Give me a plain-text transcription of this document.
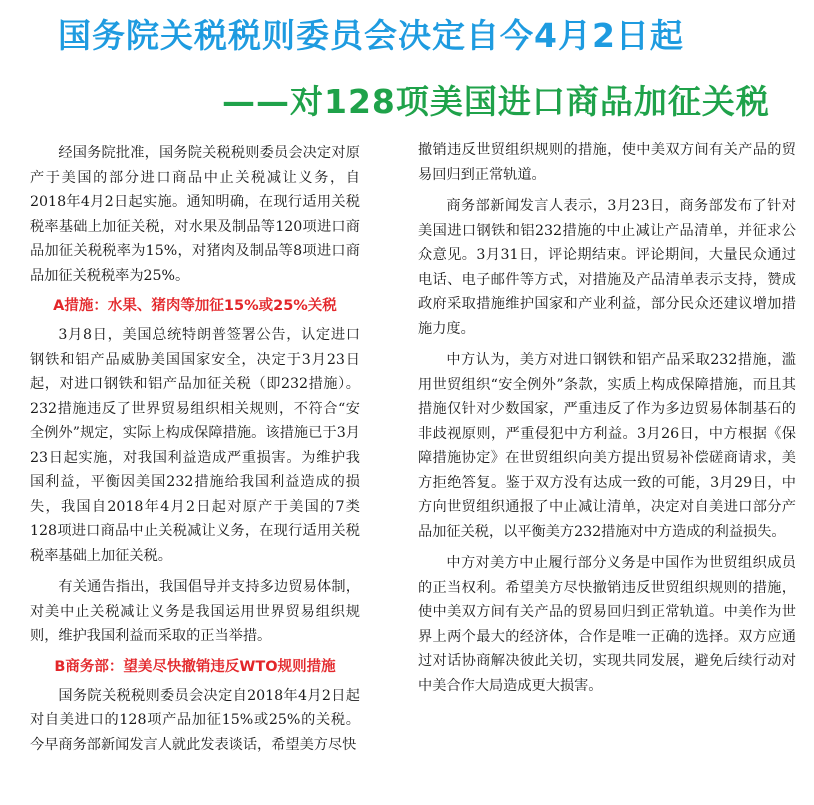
国务院关税税则委员会决定自今4月2日起
——对128项美国进口商品加征关税

经国务院批准，国务院关税税则委员会决定对原产于美国的部分进口商品中止关税减让义务，自2018年4月2日起实施。通知明确，在现行适用关税税率基础上加征关税，对水果及制品等120项进口商品加征关税税率为15%，对猪肉及制品等8项进口商品加征关税税率为25%。

A措施：水果、猪肉等加征15%或25%关税

3月8日，美国总统特朗普签署公告，认定进口钢铁和铝产品威胁美国国家安全，决定于3月23日起，对进口钢铁和铝产品加征关税（即232措施）。232措施违反了世界贸易组织相关规则，不符合“安全例外”规定，实际上构成保障措施。该措施已于3月23日起实施，对我国利益造成严重损害。为维护我国利益，平衡因美国232措施给我国利益造成的损失，我国自2018年4月2日起对原产于美国的7类128项进口商品中止关税减让义务，在现行适用关税税率基础上加征关税。

有关通告指出，我国倡导并支持多边贸易体制，对美中止关税减让义务是我国运用世界贸易组织规则，维护我国利益而采取的正当举措。

B商务部：望美尽快撤销违反WTO规则措施

国务院关税税则委员会决定自2018年4月2日起对自美进口的128项产品加征15%或25%的关税。今早商务部新闻发言人就此发表谈话，希望美方尽快

撤销违反世贸组织规则的措施，使中美双方间有关产品的贸易回归到正常轨道。

商务部新闻发言人表示，3月23日，商务部发布了针对美国进口钢铁和铝232措施的中止减让产品清单，并征求公众意见。3月31日，评论期结束。评论期间，大量民众通过电话、电子邮件等方式，对措施及产品清单表示支持，赞成政府采取措施维护国家和产业利益，部分民众还建议增加措施力度。

中方认为，美方对进口钢铁和铝产品采取232措施，滥用世贸组织“安全例外”条款，实质上构成保障措施，而且其措施仅针对少数国家，严重违反了作为多边贸易体制基石的非歧视原则，严重侵犯中方利益。3月26日，中方根据《保障措施协定》在世贸组织向美方提出贸易补偿磋商请求，美方拒绝答复。鉴于双方没有达成一致的可能，3月29日，中方向世贸组织通报了中止减让清单，决定对自美进口部分产品加征关税，以平衡美方232措施对中方造成的利益损失。

中方对美方中止履行部分义务是中国作为世贸组织成员的正当权利。希望美方尽快撤销违反世贸组织规则的措施，使中美双方间有关产品的贸易回归到正常轨道。中美作为世界上两个最大的经济体，合作是唯一正确的选择。双方应通过对话协商解决彼此关切，实现共同发展，避免后续行动对中美合作大局造成更大损害。
